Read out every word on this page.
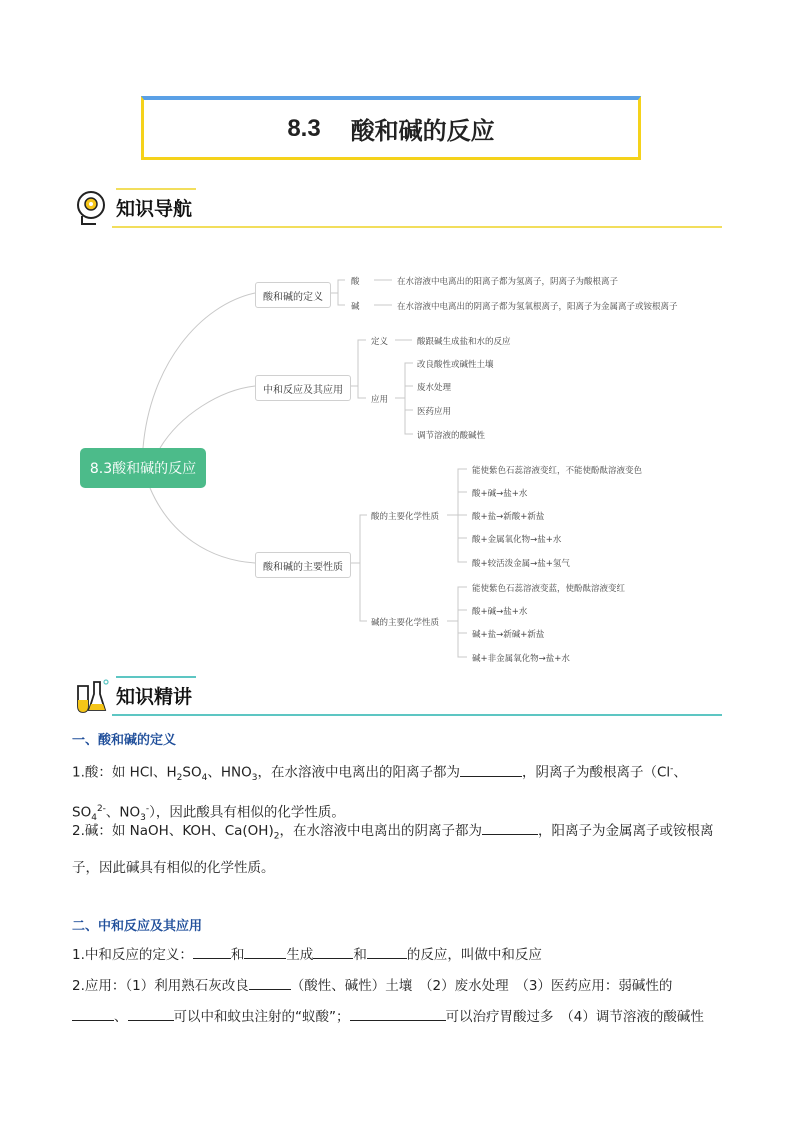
8.3 酸和碱的反应
知识导航
8.3酸和碱的反应
酸和碱的定义
酸	在水溶液中电离出的阳离子都为氢离子，阴离子为酸根离子
碱	在水溶液中电离出的阴离子都为氢氧根离子，阳离子为金属离子或铵根离子
中和反应及其应用
定义	酸跟碱生成盐和水的反应
应用
改良酸性或碱性土壤
废水处理
医药应用
调节溶液的酸碱性
酸和碱的主要性质
酸的主要化学性质
能使紫色石蕊溶液变红，不能使酚酞溶液变色
酸+碱→盐+水
酸+盐→新酸+新盐
酸+金属氧化物→盐+水
酸+较活泼金属→盐+氢气
碱的主要化学性质
能使紫色石蕊溶液变蓝，使酚酞溶液变红
酸+碱→盐+水
碱+盐→新碱+新盐
碱+非金属氧化物→盐+水
知识精讲
一、酸和碱的定义
1.酸：如 HCl、$H_2SO_4$、$HNO_3$，在水溶液中电离出的阳离子都为	，阴离子为酸根离子（Cl-、
$SO_4^{2-}$、$NO_3^-$），因此酸具有相似的化学性质。
2.碱：如 NaOH、KOH、$Ca(OH)_2$，在水溶液中电离出的阴离子都为	，阳离子为金属离子或铵根离
子，因此碱具有相似的化学性质。
二、中和反应及其应用
1.中和反应的定义：	和	生成	和	的反应，叫做中和反应
2.应用：（1）利用熟石灰改良	（酸性、碱性）土壤　（2）废水处理　（3）医药应用：弱碱性的
、	可以中和蚊虫注射的“蚁酸”；	可以治疗胃酸过多　（4）调节溶液的酸碱性
